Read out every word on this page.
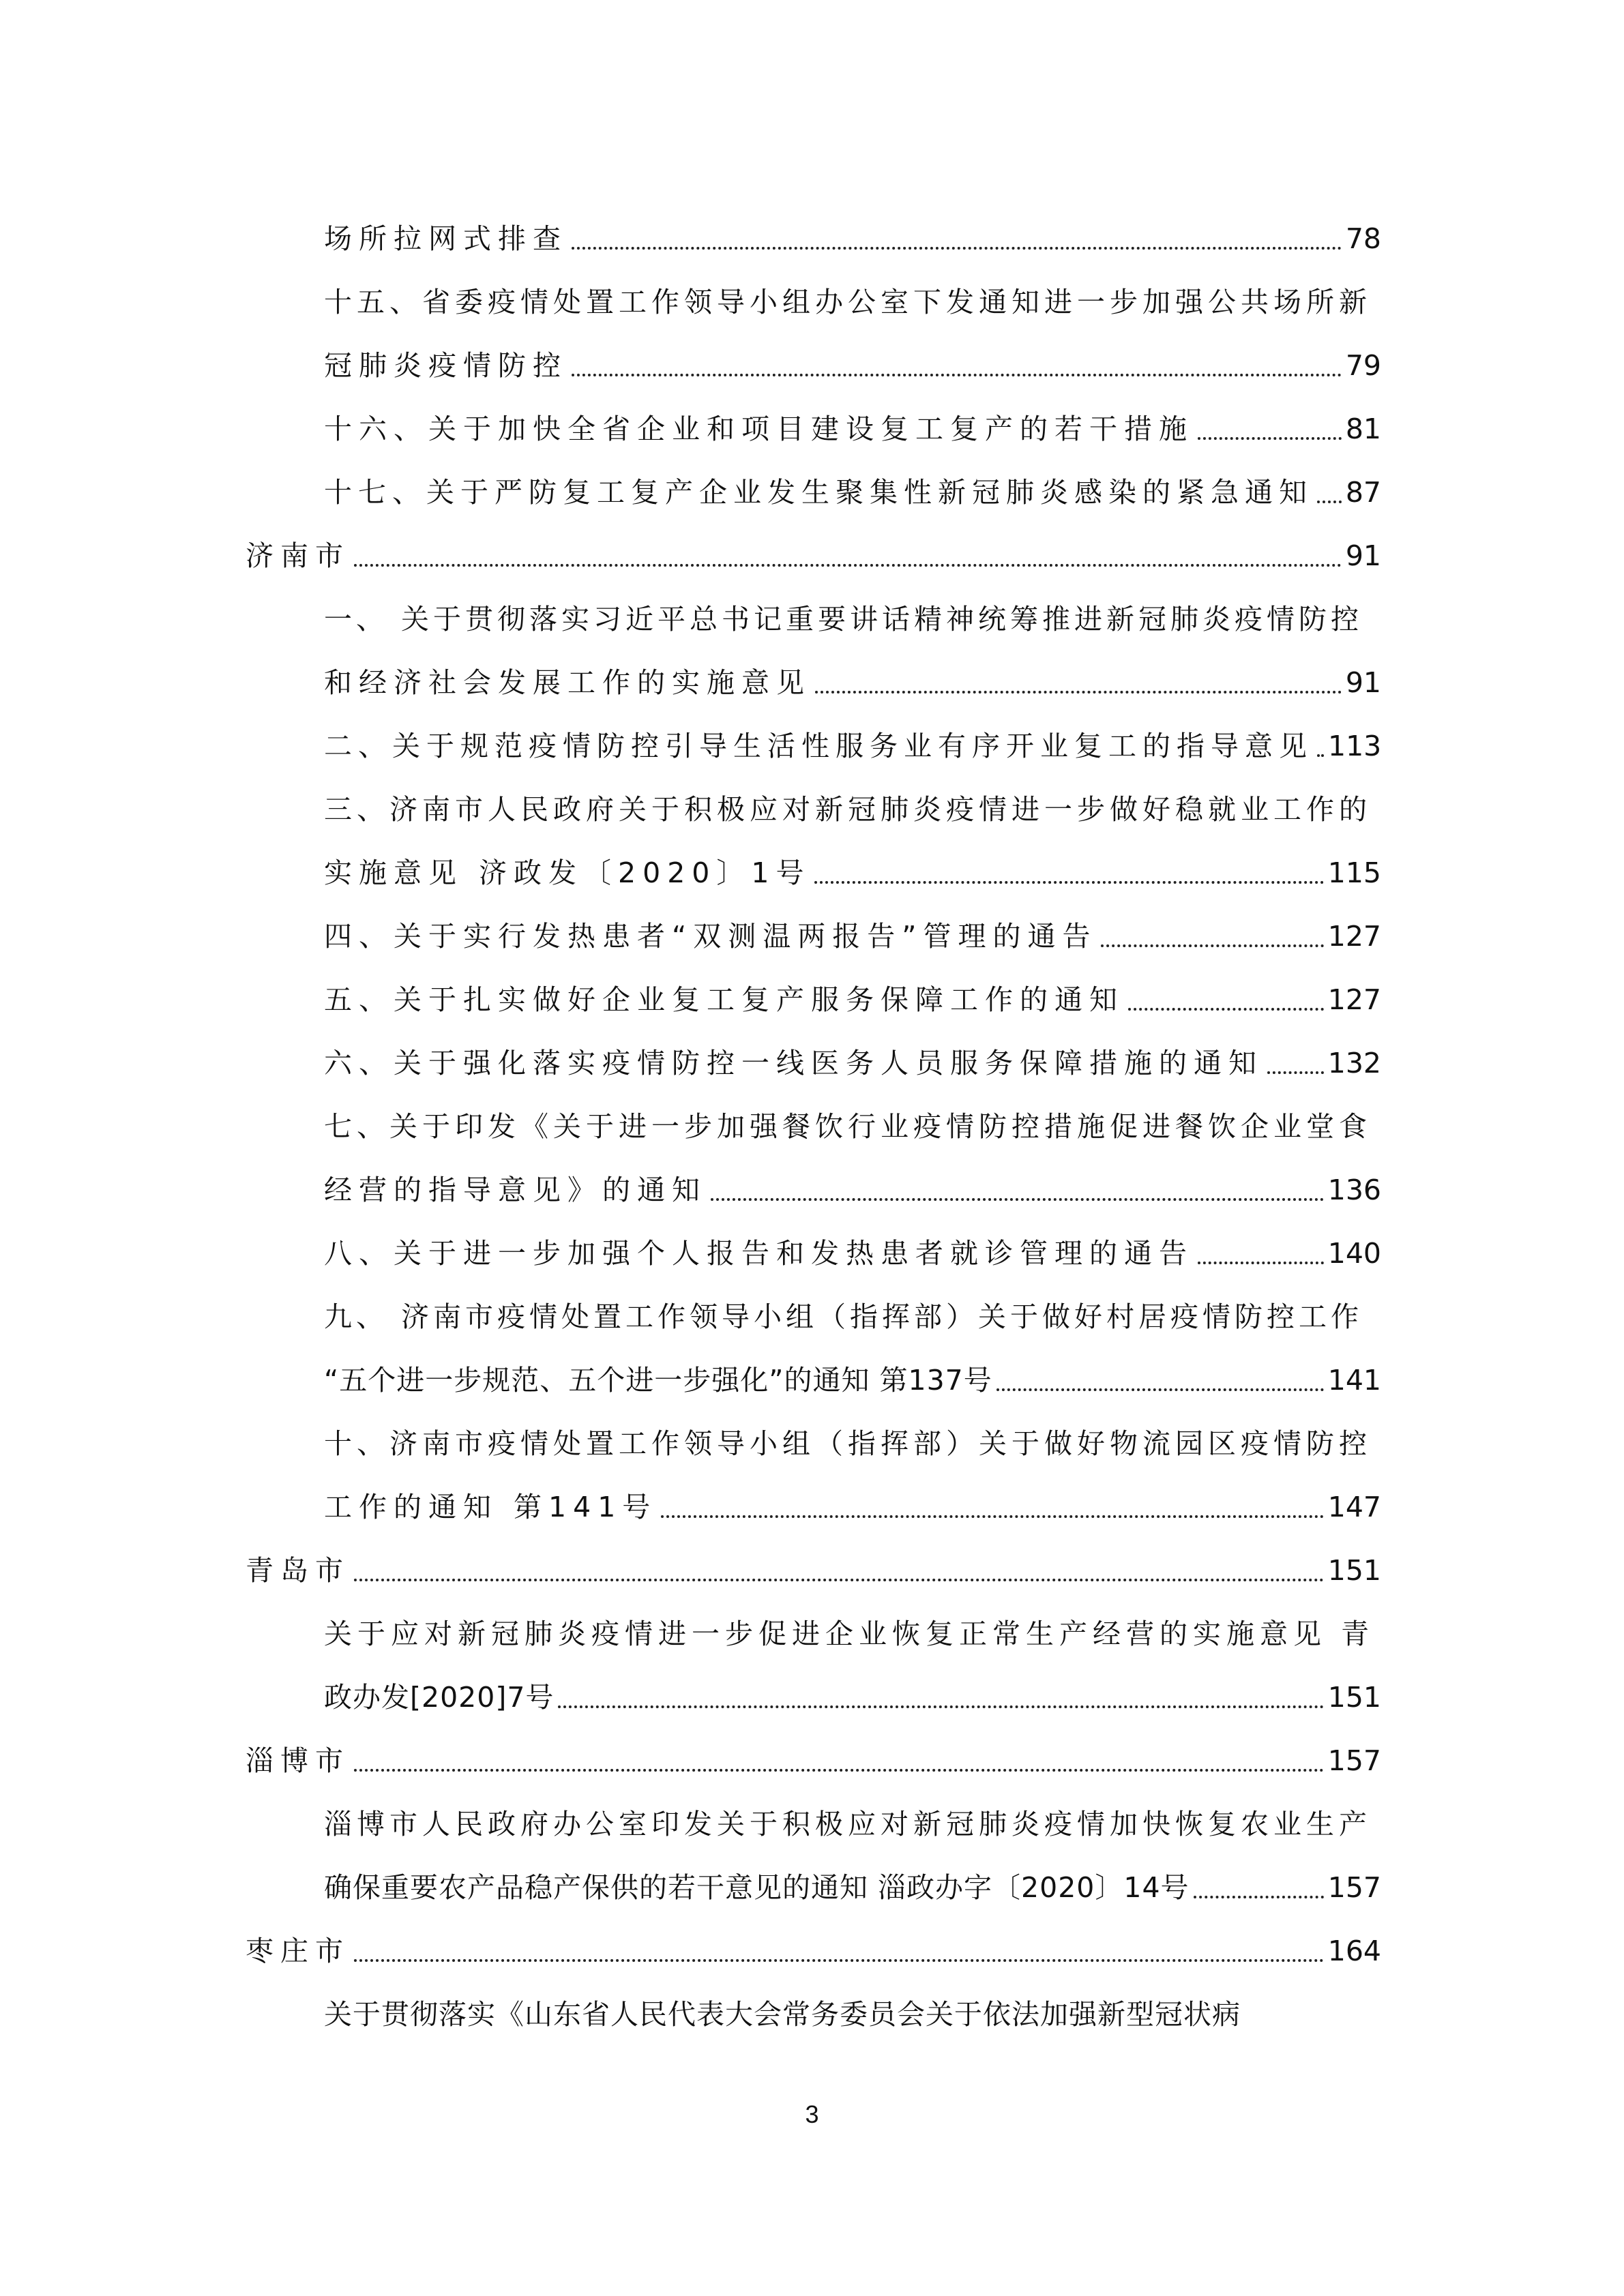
场所拉网式排查	78
十五、省委疫情处置工作领导小组办公室下发通知进一步加强公共场所新
冠肺炎疫情防控	79
十六、关于加快全省企业和项目建设复工复产的若干措施	81
十七、关于严防复工复产企业发生聚集性新冠肺炎感染的紧急通知 87
济南市	91
一、 关于贯彻落实习近平总书记重要讲话精神统筹推进新冠肺炎疫情防控
和经济社会发展工作的实施意见	91
二、关于规范疫情防控引导生活性服务业有序开业复工的指导意见 113
三、济南市人民政府关于积极应对新冠肺炎疫情进一步做好稳就业工作的
实施意见 济政发〔2020〕1号	115
四、关于实行发热患者“双测温两报告”管理的通告	127
五、关于扎实做好企业复工复产服务保障工作的通知	127
六、关于强化落实疫情防控一线医务人员服务保障措施的通知 132
七、关于印发《关于进一步加强餐饮行业疫情防控措施促进餐饮企业堂食
经营的指导意见》的通知	136
八、关于进一步加强个人报告和发热患者就诊管理的通告	140
九、 济南市疫情处置工作领导小组（指挥部）关于做好村居疫情防控工作
“五个进一步规范、五个进一步强化”的通知 第137号	141
十、济南市疫情处置工作领导小组（指挥部）关于做好物流园区疫情防控
工作的通知 第141号	147
青岛市	151
关于应对新冠肺炎疫情进一步促进企业恢复正常生产经营的实施意见 青
政办发[2020]7号	151
淄博市	157
淄博市人民政府办公室印发关于积极应对新冠肺炎疫情加快恢复农业生产
确保重要农产品稳产保供的若干意见的通知 淄政办字〔2020〕14号	157
枣庄市	164
关于贯彻落实《山东省人民代表大会常务委员会关于依法加强新型冠状病
3
